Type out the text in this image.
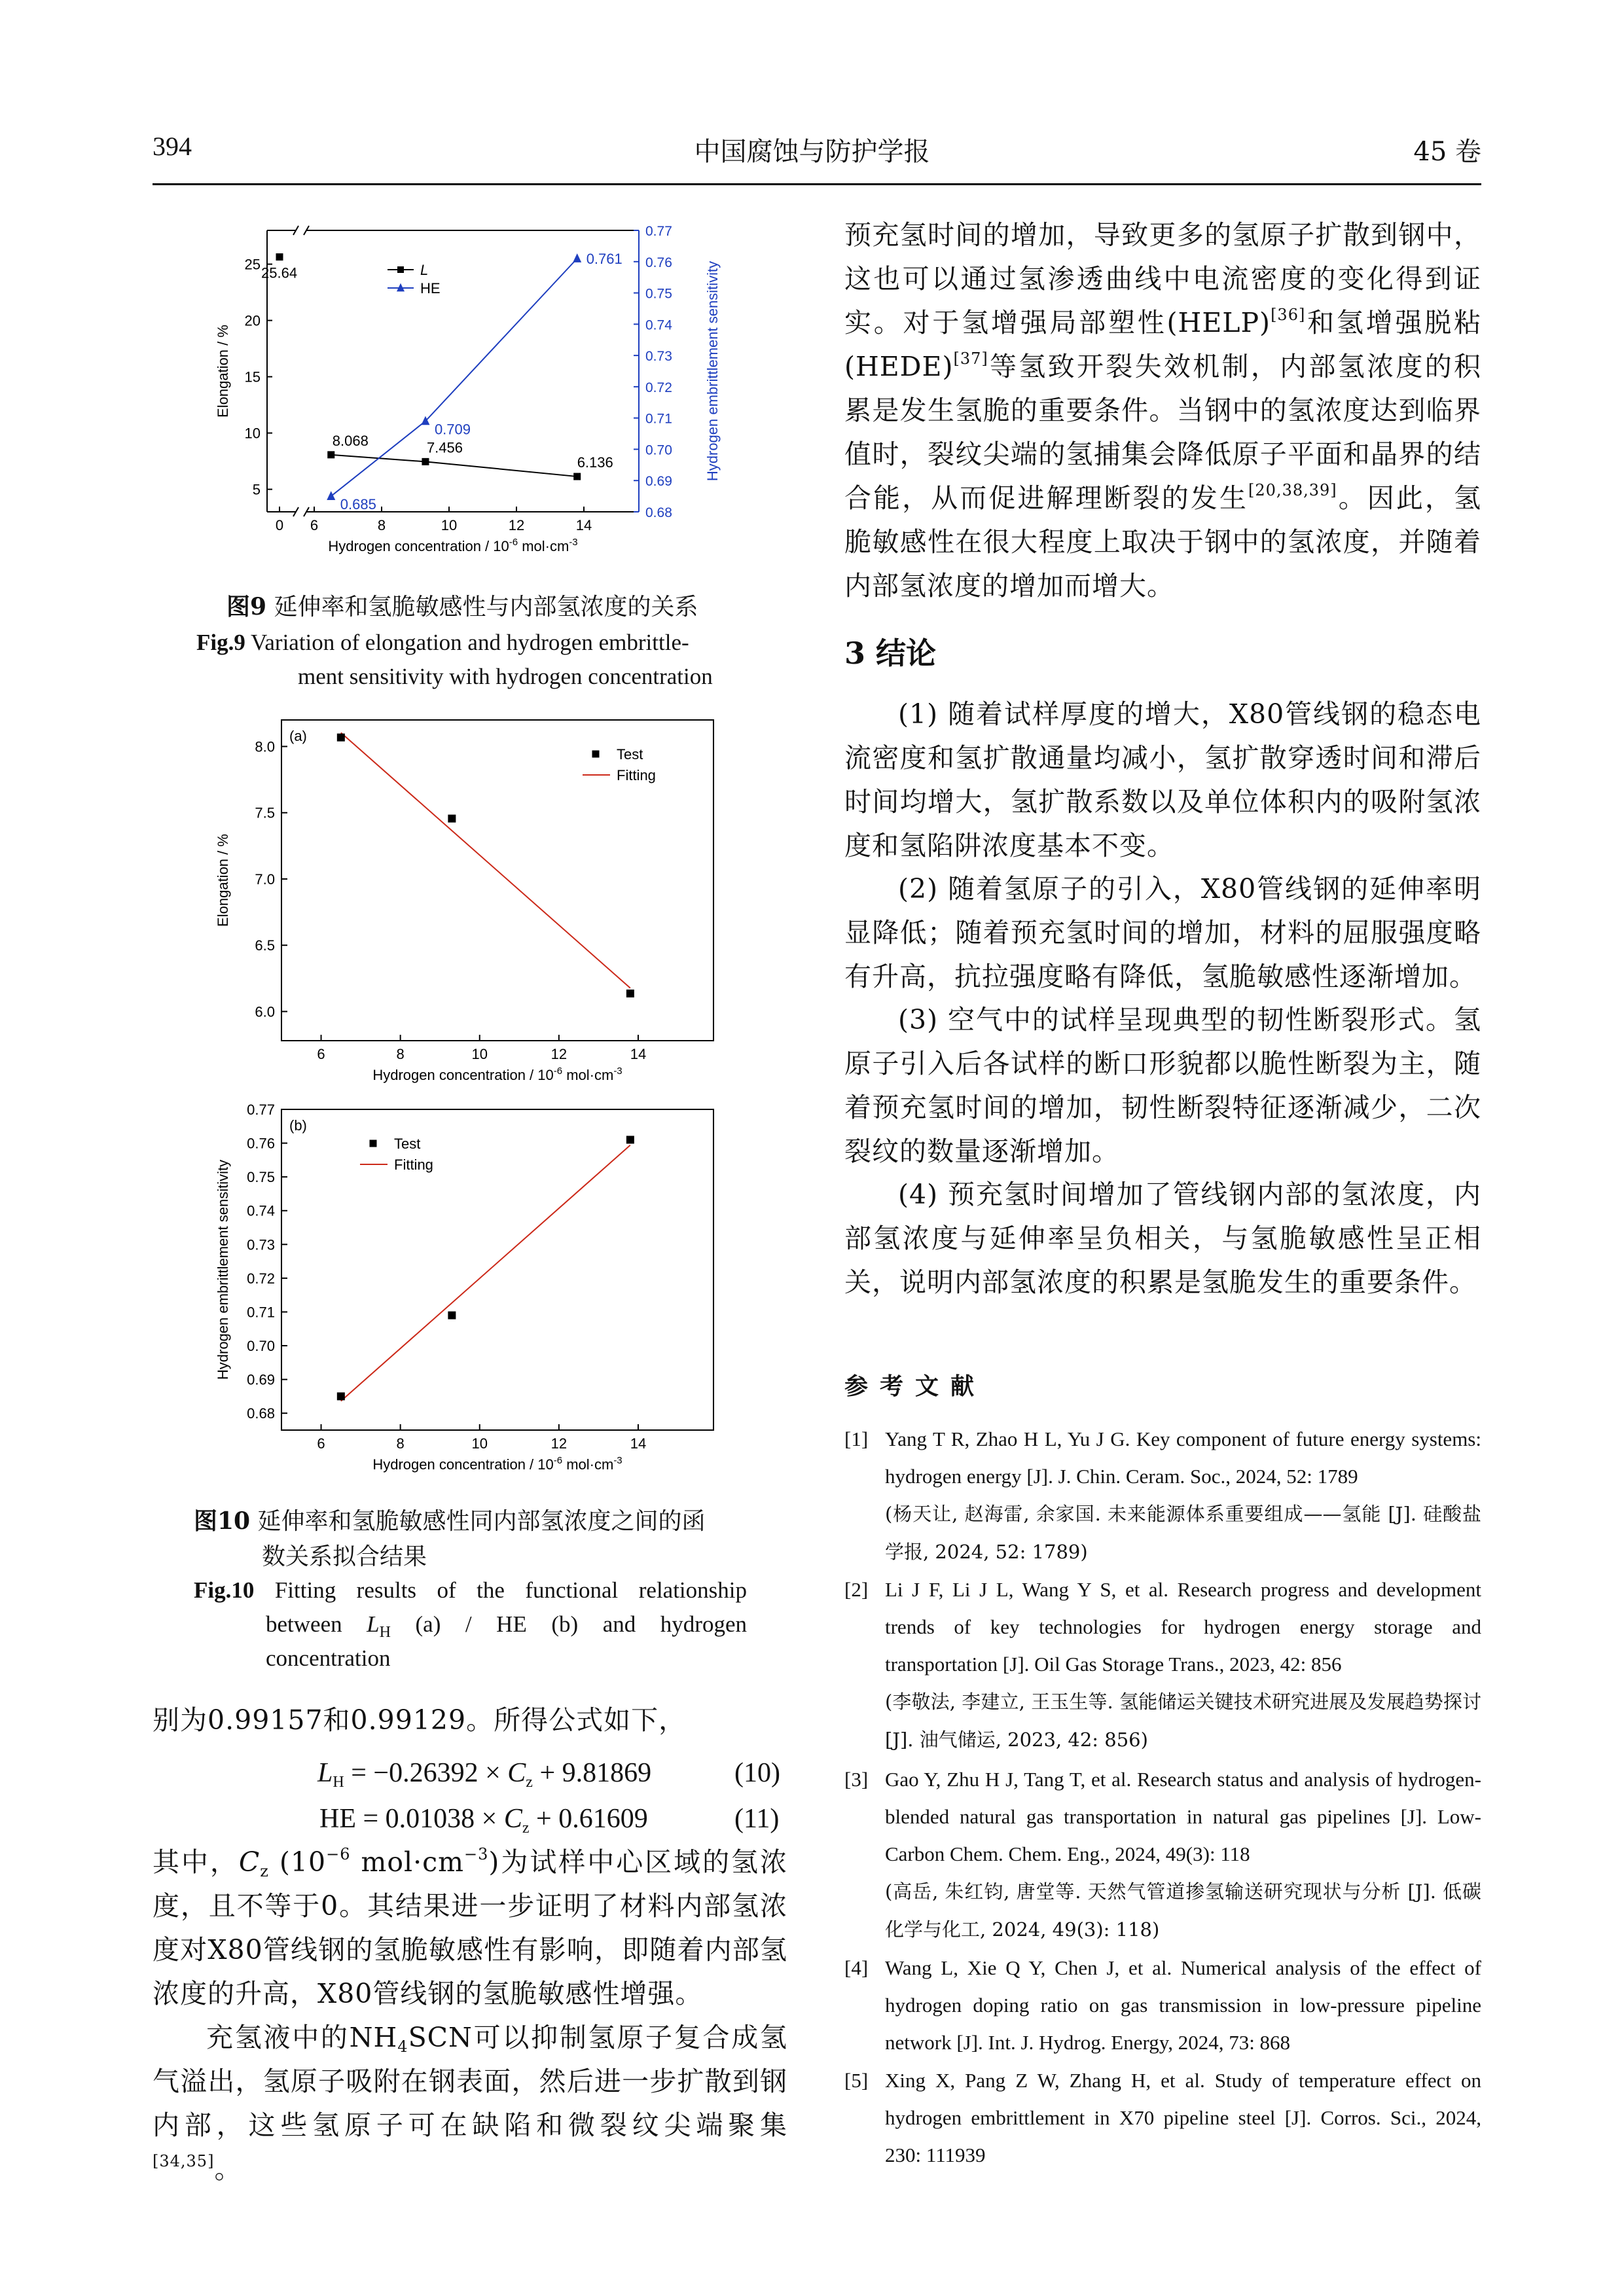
394	中国腐蚀与防护学报	45 卷
5
10
15
20
25
0.68
0.69
0.70
0.71
0.72
0.73
0.74
0.75
0.76
0.77
0 6	8	10	12	14
Hydrogen concentration / $10^{-6}$ $mol\cdot cm^{-3}$
Elongation / %	Hydrogen embrittlement sensitivity
8.068	7.456
6.136
0.685
0.709
0.761
25.64	L
HE
图9 延伸率和氢脆敏感性与内部氢浓度的关系
Fig.9 Variation of elongation and hydrogen embrittle-
ment sensitivity with hydrogen concentration
6	8	10	12	14
6.0
6.5
7.0
7.5
8.0
Hydrogen concentration / $10^{-6}$ $mol\cdot cm^{-3}$
Elongation / %
(a)
Test
Fitting
6	8	10	12	14
0.68
0.69
0.70
0.71
0.72
0.73
0.74
0.75
0.76
0.77
Hydrogen concentration / $10^{-6}$ $mol\cdot cm^{-3}$
Hydrogen embrittlement sensitivity
(b)
Test
Fitting
图10 延伸率和氢脆敏感性同内部氢浓度之间的函
数关系拟合结果
Fig.10 Fitting results of the functional relationship
between $L_H$ (a) / HE (b) and hydrogen
concentration
别为0.99157和0.99129。所得公式如下，
$L_H = -0.26392 \times C_z + 9.81869$	(10)
HE = $0.01038 \times C_z + 0.61609$	(11)
其中，$C_z$ ($10^{-6}$ $mol\cdot cm^{-3}$)为试样中心区域的氢浓度，且不等于0。其结果进一步证明了材料内部氢浓度对X80管线钢的氢脆敏感性有影响，即随着内部氢浓度的升高，X80管线钢的氢脆敏感性增强。
充氢液中的$NH_4SCN$可以抑制氢原子复合成氢气溢出，氢原子吸附在钢表面，然后进一步扩散到钢内部，这些氢原子可在缺陷和微裂纹尖端聚集[34,35]。
预充氢时间的增加，导致更多的氢原子扩散到钢中，这也可以通过氢渗透曲线中电流密度的变化得到证实。对于氢增强局部塑性(HELP)[36]和氢增强脱粘(HEDE)[37]等氢致开裂失效机制，内部氢浓度的积累是发生氢脆的重要条件。当钢中的氢浓度达到临界值时，裂纹尖端的氢捕集会降低原子平面和晶界的结合能，从而促进解理断裂的发生[20,38,39]。因此，氢脆敏感性在很大程度上取决于钢中的氢浓度，并随着内部氢浓度的增加而增大。
3 结论
(1) 随着试样厚度的增大，X80管线钢的稳态电流密度和氢扩散通量均减小，氢扩散穿透时间和滞后时间均增大，氢扩散系数以及单位体积内的吸附氢浓度和氢陷阱浓度基本不变。
(2) 随着氢原子的引入，X80管线钢的延伸率明显降低；随着预充氢时间的增加，材料的屈服强度略有升高，抗拉强度略有降低，氢脆敏感性逐渐增加。
(3) 空气中的试样呈现典型的韧性断裂形式。氢原子引入后各试样的断口形貌都以脆性断裂为主，随着预充氢时间的增加，韧性断裂特征逐渐减少，二次裂纹的数量逐渐增加。
(4) 预充氢时间增加了管线钢内部的氢浓度，内部氢浓度与延伸率呈负相关，与氢脆敏感性呈正相关，说明内部氢浓度的积累是氢脆发生的重要条件。
参考文献
[1] Yang T R, Zhao H L, Yu J G. Key component of future energy systems: hydrogen energy [J]. J. Chin. Ceram. Soc., 2024, 52: 1789
(杨天让, 赵海雷, 余家国. 未来能源体系重要组成——氢能 [J]. 硅酸盐学报, 2024, 52: 1789)
[2] Li J F, Li J L, Wang Y S, et al. Research progress and development trends of key technologies for hydrogen energy storage and transportation [J]. Oil Gas Storage Trans., 2023, 42: 856
(李敬法, 李建立, 王玉生等. 氢能储运关键技术研究进展及发展趋势探讨 [J]. 油气储运, 2023, 42: 856)
[3] Gao Y, Zhu H J, Tang T, et al. Research status and analysis of hydrogen-blended natural gas transportation in natural gas pipelines [J]. Low-Carbon Chem. Chem. Eng., 2024, 49(3): 118
(高岳, 朱红钧, 唐堂等. 天然气管道掺氢输送研究现状与分析 [J]. 低碳化学与化工, 2024, 49(3): 118)
[4] Wang L, Xie Q Y, Chen J, et al. Numerical analysis of the effect of hydrogen doping ratio on gas transmission in low-pressure pipeline network [J]. Int. J. Hydrog. Energy, 2024, 73: 868
[5] Xing X, Pang Z W, Zhang H, et al. Study of temperature effect on hydrogen embrittlement in X70 pipeline steel [J]. Corros. Sci., 2024, 230: 111939
